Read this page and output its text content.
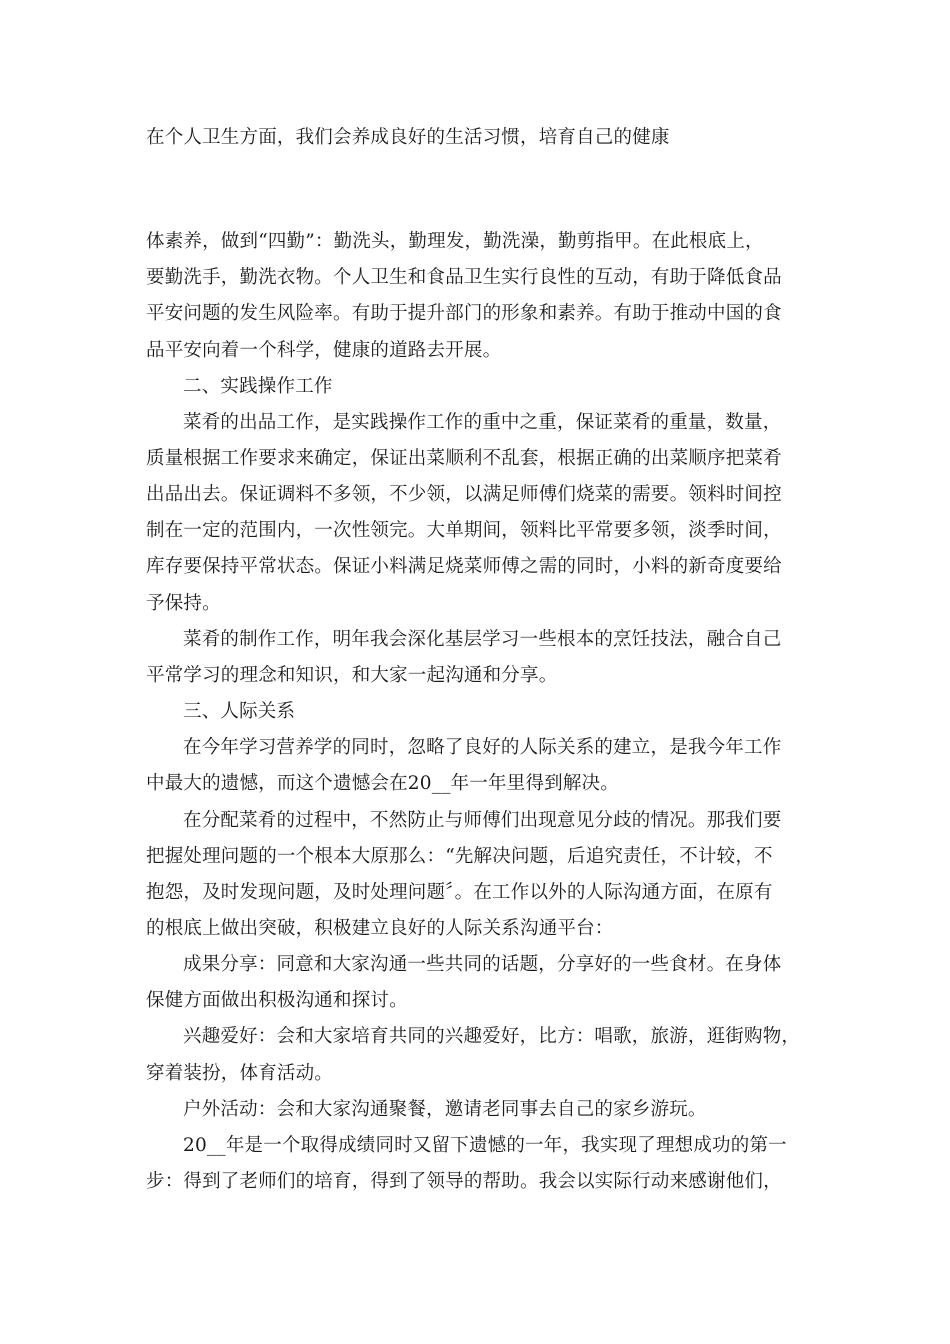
在个人卫生方面，我们会养成良好的生活习惯，培育自己的健康
体素养，做到“四勤”：勤洗头，勤理发，勤洗澡，勤剪指甲。在此根底上，
要勤洗手，勤洗衣物。个人卫生和食品卫生实行良性的互动，有助于降低食品
平安问题的发生风险率。有助于提升部门的形象和素养。有助于推动中国的食
品平安向着一个科学，健康的道路去开展。
二、实践操作工作
菜肴的出品工作，是实践操作工作的重中之重，保证菜肴的重量，数量，
质量根据工作要求来确定，保证出菜顺利不乱套，根据正确的出菜顺序把菜肴
出品出去。保证调料不多领，不少领，以满足师傅们烧菜的需要。领料时间控
制在一定的范围内，一次性领完。大单期间，领料比平常要多领，淡季时间，
库存要保持平常状态。保证小料满足烧菜师傅之需的同时，小料的新奇度要给
予保持。
菜肴的制作工作，明年我会深化基层学习一些根本的烹饪技法，融合自己
平常学习的理念和知识，和大家一起沟通和分享。
三、人际关系
在今年学习营养学的同时，忽略了良好的人际关系的建立，是我今年工作
中最大的遗憾，而这个遗憾会在20__年一年里得到解决。
在分配菜肴的过程中，不然防止与师傅们出现意见分歧的情况。那我们要
把握处理问题的一个根本大原那么：“先解决问题，后追究责任，不计较，不
抱怨，及时发现问题，及时处理问题〞。在工作以外的人际沟通方面，在原有
的根底上做出突破，积极建立良好的人际关系沟通平台：
成果分享：同意和大家沟通一些共同的话题，分享好的一些食材。在身体
保健方面做出积极沟通和探讨。
兴趣爱好：会和大家培育共同的兴趣爱好，比方：唱歌，旅游，逛街购物，
穿着装扮，体育活动。
户外活动：会和大家沟通聚餐，邀请老同事去自己的家乡游玩。
20__年是一个取得成绩同时又留下遗憾的一年，我实现了理想成功的第一
步：得到了老师们的培育，得到了领导的帮助。我会以实际行动来感谢他们，
